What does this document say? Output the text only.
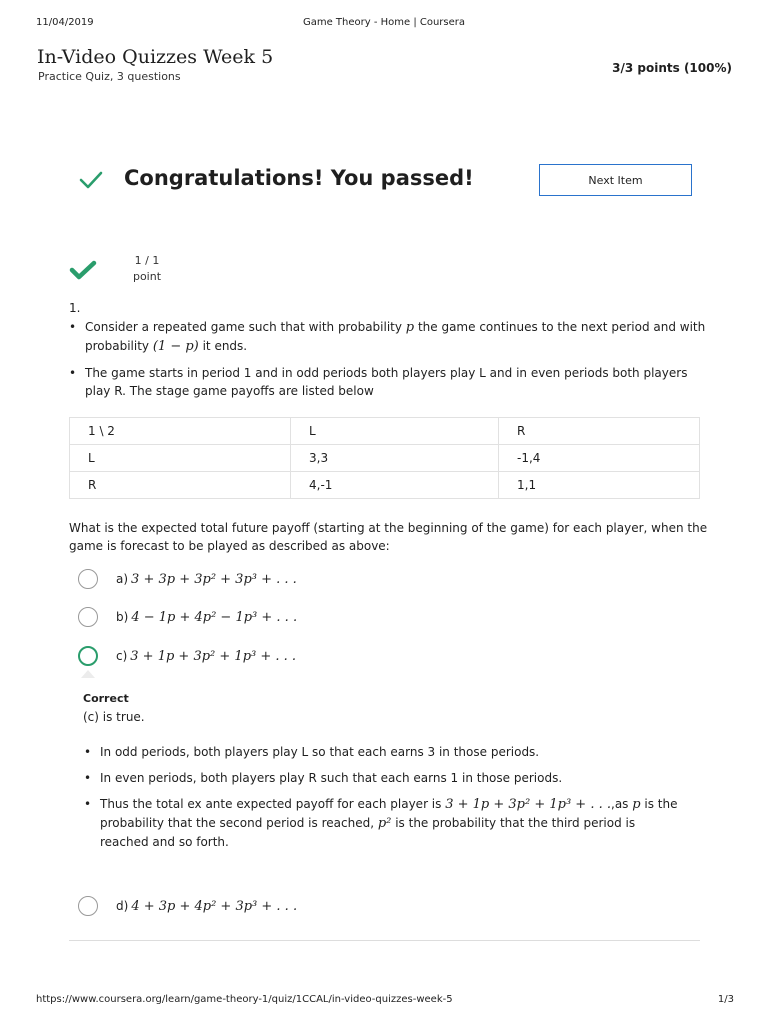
11/04/2019	Game Theory - Home | Coursera
In-Video Quizzes Week 5
Practice Quiz, 3 questions
3/3 points (100%)
Congratulations! You passed!	Next Item
1 / 1
point
1.
• Consider a repeated game such that with probability p the game continues to the next period and with
probability (1 − p) it ends.
• The game starts in period 1 and in odd periods both players play L and in even periods both players
play R. The stage game payoffs are listed below
1 \ 2	L	R
L	3,3	-1,4
R	4,-1	1,1
What is the expected total future payoff (starting at the beginning of the game) for each player, when the
game is forecast to be played as described as above:
a) 3 + 3p + 3p² + 3p³ + . . .
b) 4 − 1p + 4p² − 1p³ + . . .
c) 3 + 1p + 3p² + 1p³ + . . .
Correct
(c) is true.
• In odd periods, both players play L so that each earns 3 in those periods.
• In even periods, both players play R such that each earns 1 in those periods.
• Thus the total ex ante expected payoff for each player is 3 + 1p + 3p² + 1p³ + . . .,as p is the
probability that the second period is reached, p² is the probability that the third period is
reached and so forth.
d) 4 + 3p + 4p² + 3p³ + . . .
https://www.coursera.org/learn/game-theory-1/quiz/1CCAL/in-video-quizzes-week-5	1/3
